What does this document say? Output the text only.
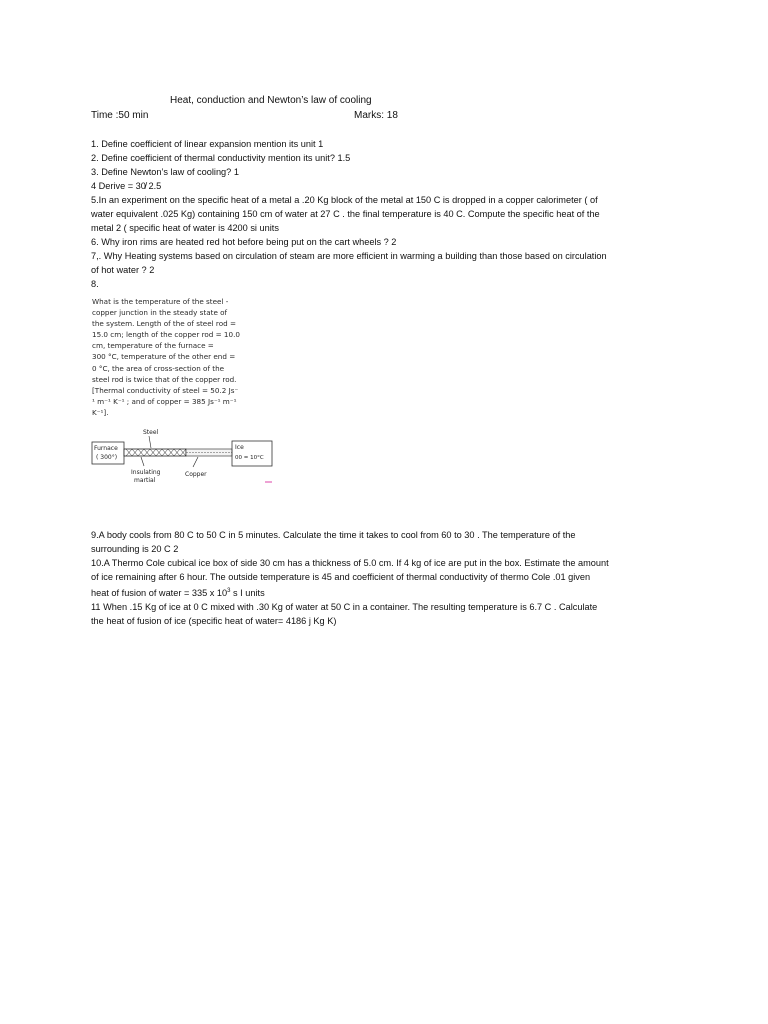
Heat, conduction and Newton’s law of cooling
Time :50 min	Marks: 18
1. Define coefficient of linear expansion mention its unit 1
2. Define coefficient of thermal conductivity mention its unit? 1.5
3. Define Newton’s law of cooling? 1
4 Derive = 30̸ 2.5
5.In an experiment on the specific heat of a metal a .20 Kg block of the metal at 150 C is dropped in a copper calorimeter ( of
water equivalent .025 Kg) containing 150 cm of water at 27 C . the final temperature is 40 C. Compute the specific heat of the
metal 2 ( specific heat of water is 4200 si units
6. Why iron rims are heated red hot before being put on the cart wheels ? 2
7,. Why Heating systems based on circulation of steam are more efficient in warming a building than those based on circulation
of hot water ? 2
8.
What is the temperature of the steel -
copper junction in the steady state of
the system. Length of the of steel rod =
15.0 cm; length of the copper rod = 10.0
cm, temperature of the furnace =
300 °C, temperature of the other end =
0 °C, the area of cross-section of the
steel rod is twice that of the copper rod.
[Thermal conductivity of steel = 50.2 Js⁻
¹ m⁻¹ K⁻¹ ; and of copper = 385 Js⁻¹ m⁻¹
K⁻¹].
Furnace
( 300°)
Ice
00 = 10°C
Steel
Insulating
martial
Copper
9.A body cools from 80 C to 50 C in 5 minutes. Calculate the time it takes to cool from 60 to 30 . The temperature of the
surrounding is 20 C 2
10.A Thermo Cole cubical ice box of side 30 cm has a thickness of 5.0 cm. If 4 kg of ice are put in the box. Estimate the amount
of ice remaining after 6 hour. The outside temperature is 45 and coefficient of thermal conductivity of thermo Cole .01 given
heat of fusion of water = 335 x $10^3$ s I units
11 When .15 Kg of ice at 0 C mixed with .30 Kg of water at 50 C in a container. The resulting temperature is 6.7 C . Calculate
the heat of fusion of ice (specific heat of water= 4186 j Kg K)
